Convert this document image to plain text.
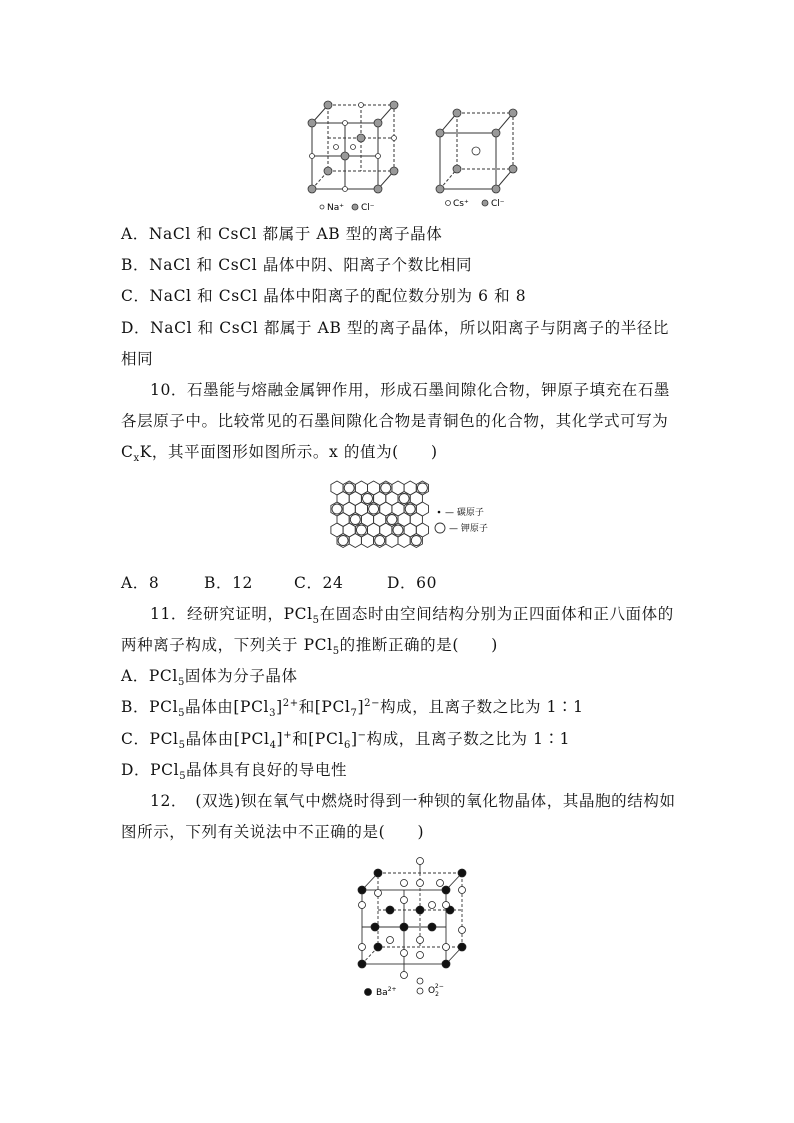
Na⁺ Cl⁻	Cs⁺ Cl⁻
A．NaCl 和 CsCl 都属于 AB 型的离子晶体
B．NaCl 和 CsCl 晶体中阴、阳离子个数比相同
C．NaCl 和 CsCl 晶体中阳离子的配位数分别为 6 和 8
D．NaCl 和 CsCl 都属于 AB 型的离子晶体，所以阳离子与阴离子的半径比
相同
10．石墨能与熔融金属钾作用，形成石墨间隙化合物，钾原子填充在石墨
各层原子中。比较常见的石墨间隙化合物是青铜色的化合物，其化学式可写为
$C_xK$，其平面图形如图所示。x 的值为(　　)
— 碳原子
— 钾原子
A．8	B．12	C．24	D．60
11．经研究证明，PCl$_5$在固态时由空间结构分别为正四面体和正八面体的
两种离子构成，下列关于 PCl$_5$的推断正确的是(　　)
A．PCl$_5$固体为分子晶体
B．PCl$_5$晶体由$[PCl_3]^{2+}$和$[PCl_7]^{2-}$构成，且离子数之比为 1∶1
C．PCl$_5$晶体由[PCl$_4$]+和[PCl$_6$]−构成，且离子数之比为 1∶1
D．PCl$_5$晶体具有良好的导电性
12．　(双选)钡在氧气中燃烧时得到一种钡的氧化物晶体，其晶胞的结构如
图所示，下列有关说法中不正确的是(　　)
$Ba^{2+}$	$O_22-$
